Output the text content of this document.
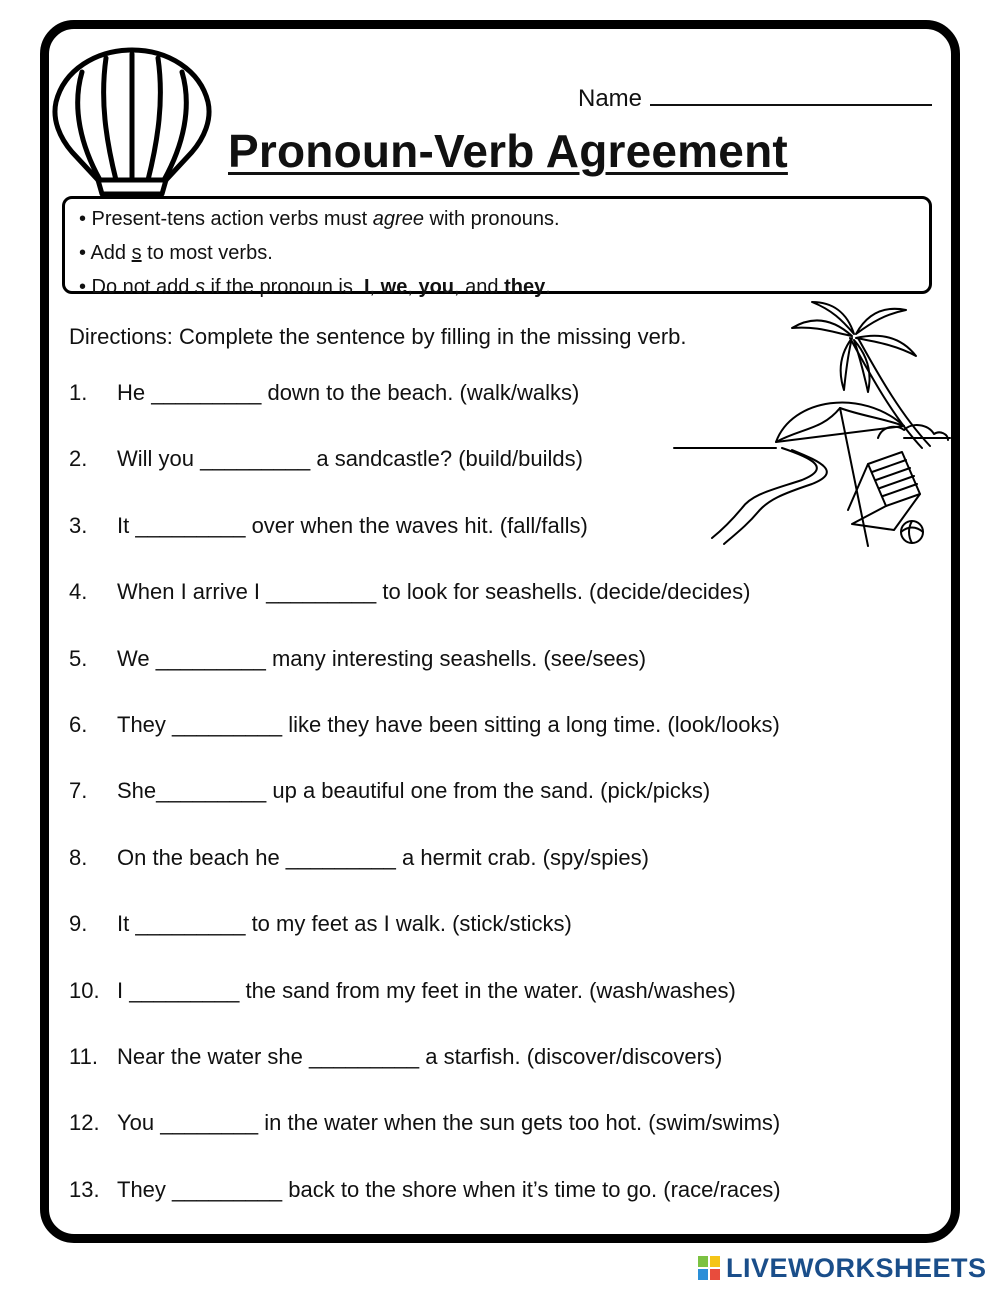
Name
Pronoun-Verb Agreement
• Present-tens action verbs must agree with pronouns.
• Add s to most verbs.
• Do not add s if the pronoun is  I, we, you, and they.
Directions: Complete the sentence by filling in the missing verb.
1. He _________ down to the beach. (walk/walks)
2. Will you _________ a sandcastle? (build/builds)
3. It _________ over when the waves hit. (fall/falls)
4. When I arrive I _________ to look for seashells. (decide/decides)
5. We _________ many interesting seashells. (see/sees)
6. They _________ like they have been sitting a long time. (look/looks)
7. She_________ up a beautiful one from the sand. (pick/picks)
8. On the beach he _________ a hermit crab. (spy/spies)
9. It _________ to my feet as I walk. (stick/sticks)
10. I _________ the sand from my feet in the water. (wash/washes)
11. Near the water she _________ a starfish. (discover/discovers)
12. You ________ in the water when the sun gets too hot. (swim/swims)
13. They _________ back to the shore when it’s time to go. (race/races)
LIVEWORKSHEETS
